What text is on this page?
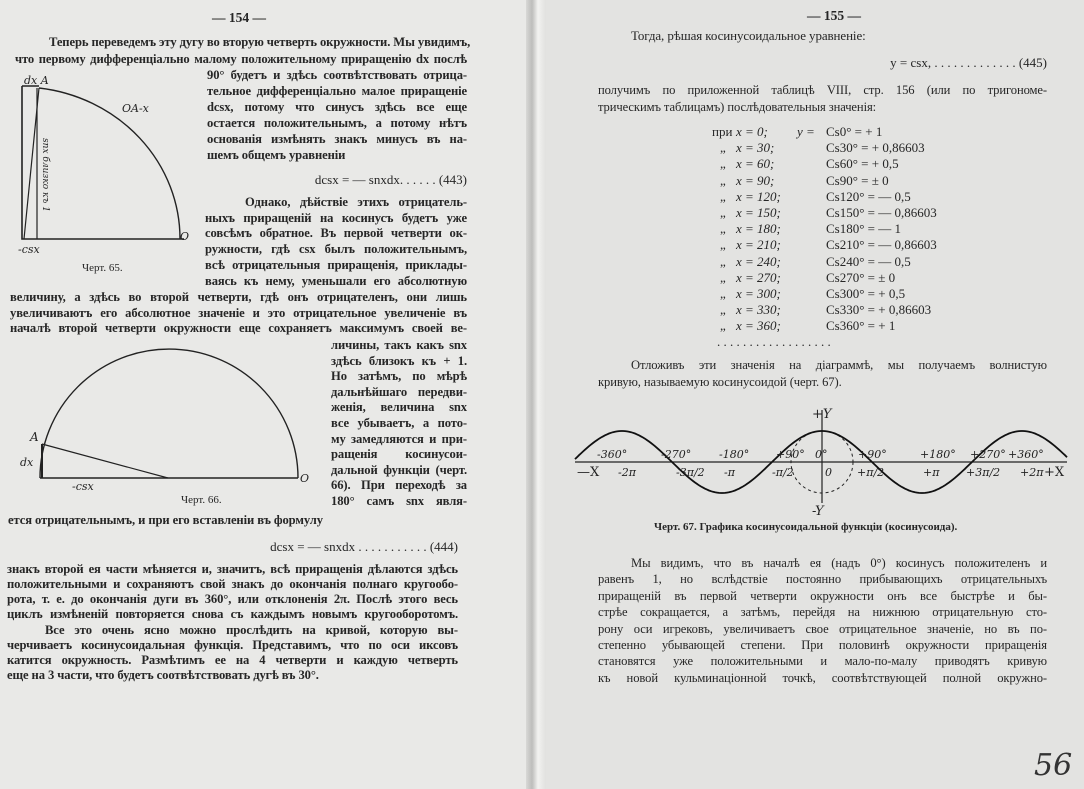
— 154 —
dcsx = — snxdx. . . . . . (443)
ется отрицательнымъ, и при его вставленіи въ формулу
dcsx = — snxdx . . . . . . . . . . . (444)
dx A
OA-x
snx близко къ 1
-csx
O
Черт. 65.
A
dx
-csx
O
Черт. 66.
— 155 —
Тогда, рѣшая косинусоидальное уравненіе:
y = csx, . . . . . . . . . . . . . (445)
при x = 0; y = Cs0° = + 1
„ x = 30;	Cs30° = + 0,86603
„ x = 60;	Cs60° = + 0,5
„ x = 90;	Cs90° = ± 0
„ x = 120;	Cs120° = — 0,5
„ x = 150;	Cs150° = — 0,86603
„ x = 180;	Cs180° = — 1
„ x = 210;	Cs210° = — 0,86603
„ x = 240;	Cs240° = — 0,5
„ x = 270;	Cs270° = ± 0
„ x = 300;	Cs300° = + 0,5
„ x = 330;	Cs330° = + 0,86603
„ x = 360;	Cs360° = + 1
. . . . . . . . . . . . . . . . . .
+Y
-Y
—X	+X
0°
0
-360°
-2π
-270°
-3π/2
-180°
-π
+90°
-π/2
+90°
+π/2
+180°
+π
+270°
+3π/2
+360°
+2π
Черт. 67. Графика косинусоидальной функціи (косинусоида).
56
Теперь переведемъ эту дугу во вторую четверть окружности. Мы увидимъ,
что первому дифференціально малому положительному приращенію dx послѣ
90° будетъ и здѣсь соотвѣтствовать отрица-
тельное дифференціально малое приращеніе
dcsx, потому что синусъ здѣсь все еще
остается положительнымъ, а потому нѣтъ
основанія измѣнять знакъ минусъ въ на-
шемъ общемъ уравненіи
Однако, дѣйствіе этихъ отрицатель-
ныхъ приращеній на косинусъ будетъ уже
совсѣмъ обратное. Въ первой четверти ок-
ружности, гдѣ csx былъ положительнымъ,
всѣ отрицательныя приращенія, приклады-
ваясь къ нему, уменьшали его абсолютную
величину, а здѣсь во второй четверти, гдѣ онъ отрицателенъ, они лишь
увеличиваютъ его абсолютное значеніе и это отрицательное увеличеніе въ
началѣ второй четверти окружности еще сохраняетъ максимумъ своей ве-
личины, такъ какъ snx
здѣсь близокъ къ + 1.
Но затѣмъ, по мѣрѣ
дальнѣйшаго передви-
женія, величина snx
все убываетъ, а пото-
му замедляются и при-
ращенія косинусои-
дальной функціи (черт.
66). При переходѣ за
180° самъ snx явля-
знакъ второй ея части мѣняется и, значитъ, всѣ приращенія дѣлаются здѣсь
положительными и сохраняютъ свой знакъ до окончанія полнаго кругообо-
рота, т. е. до окончанія дуги въ 360°, или отклоненія 2π. Послѣ этого весь
циклъ измѣненій повторяется снова съ каждымъ новымъ кругооборотомъ.
Все это очень ясно можно прослѣдить на кривой, которую вы-
черчиваетъ косинусоидальная функція. Представимъ, что по оси иксовъ
катится окружность. Размѣтимъ ее на 4 четверти и каждую четверть
еще на 3 части, что будетъ соотвѣтствовать дугѣ въ 30°.
получимъ по приложенной таблицѣ VIII, стр. 156 (или по тригономе-
трическимъ таблицамъ) послѣдовательныя значенія:
Отложивъ эти значенія на діаграммѣ, мы получаемъ волнистую
кривую, называемую косинусоидой (черт. 67).
Мы видимъ, что въ началѣ ея (надъ 0°) косинусъ положителенъ и
равенъ 1, но вслѣдствіе постоянно прибывающихъ отрицательныхъ
приращеній въ первой четверти окружности онъ все быстрѣе и бы-
стрѣе сокращается, а затѣмъ, перейдя на нижнюю отрицательную сто-
рону оси игрековъ, увеличиваетъ свое отрицательное значеніе, но въ по-
степенно убывающей степени. При половинѣ окружности приращенія
становятся уже положительными и мало-по-малу приводятъ кривую
къ новой кульминаціонной точкѣ, соотвѣтствующей полной окружно-
